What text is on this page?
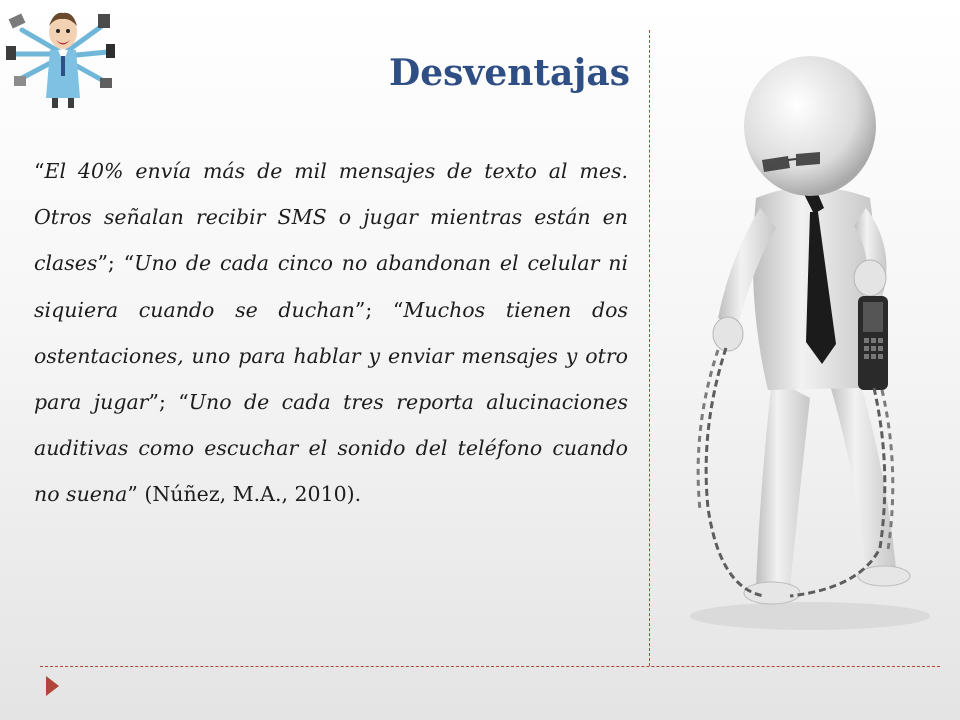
Desventajas

“El 40% envía más de mil mensajes de texto al mes. Otros señalan recibir SMS o jugar mientras están en clases”; “Uno de cada cinco no abandonan el celular ni siquiera cuando se duchan”; “Muchos tienen dos ostentaciones, uno para hablar y enviar mensajes y otro para jugar”; “Uno de cada tres reporta alucinaciones auditivas como escuchar el sonido del teléfono cuando no suena” (Núñez, M.A., 2010).
